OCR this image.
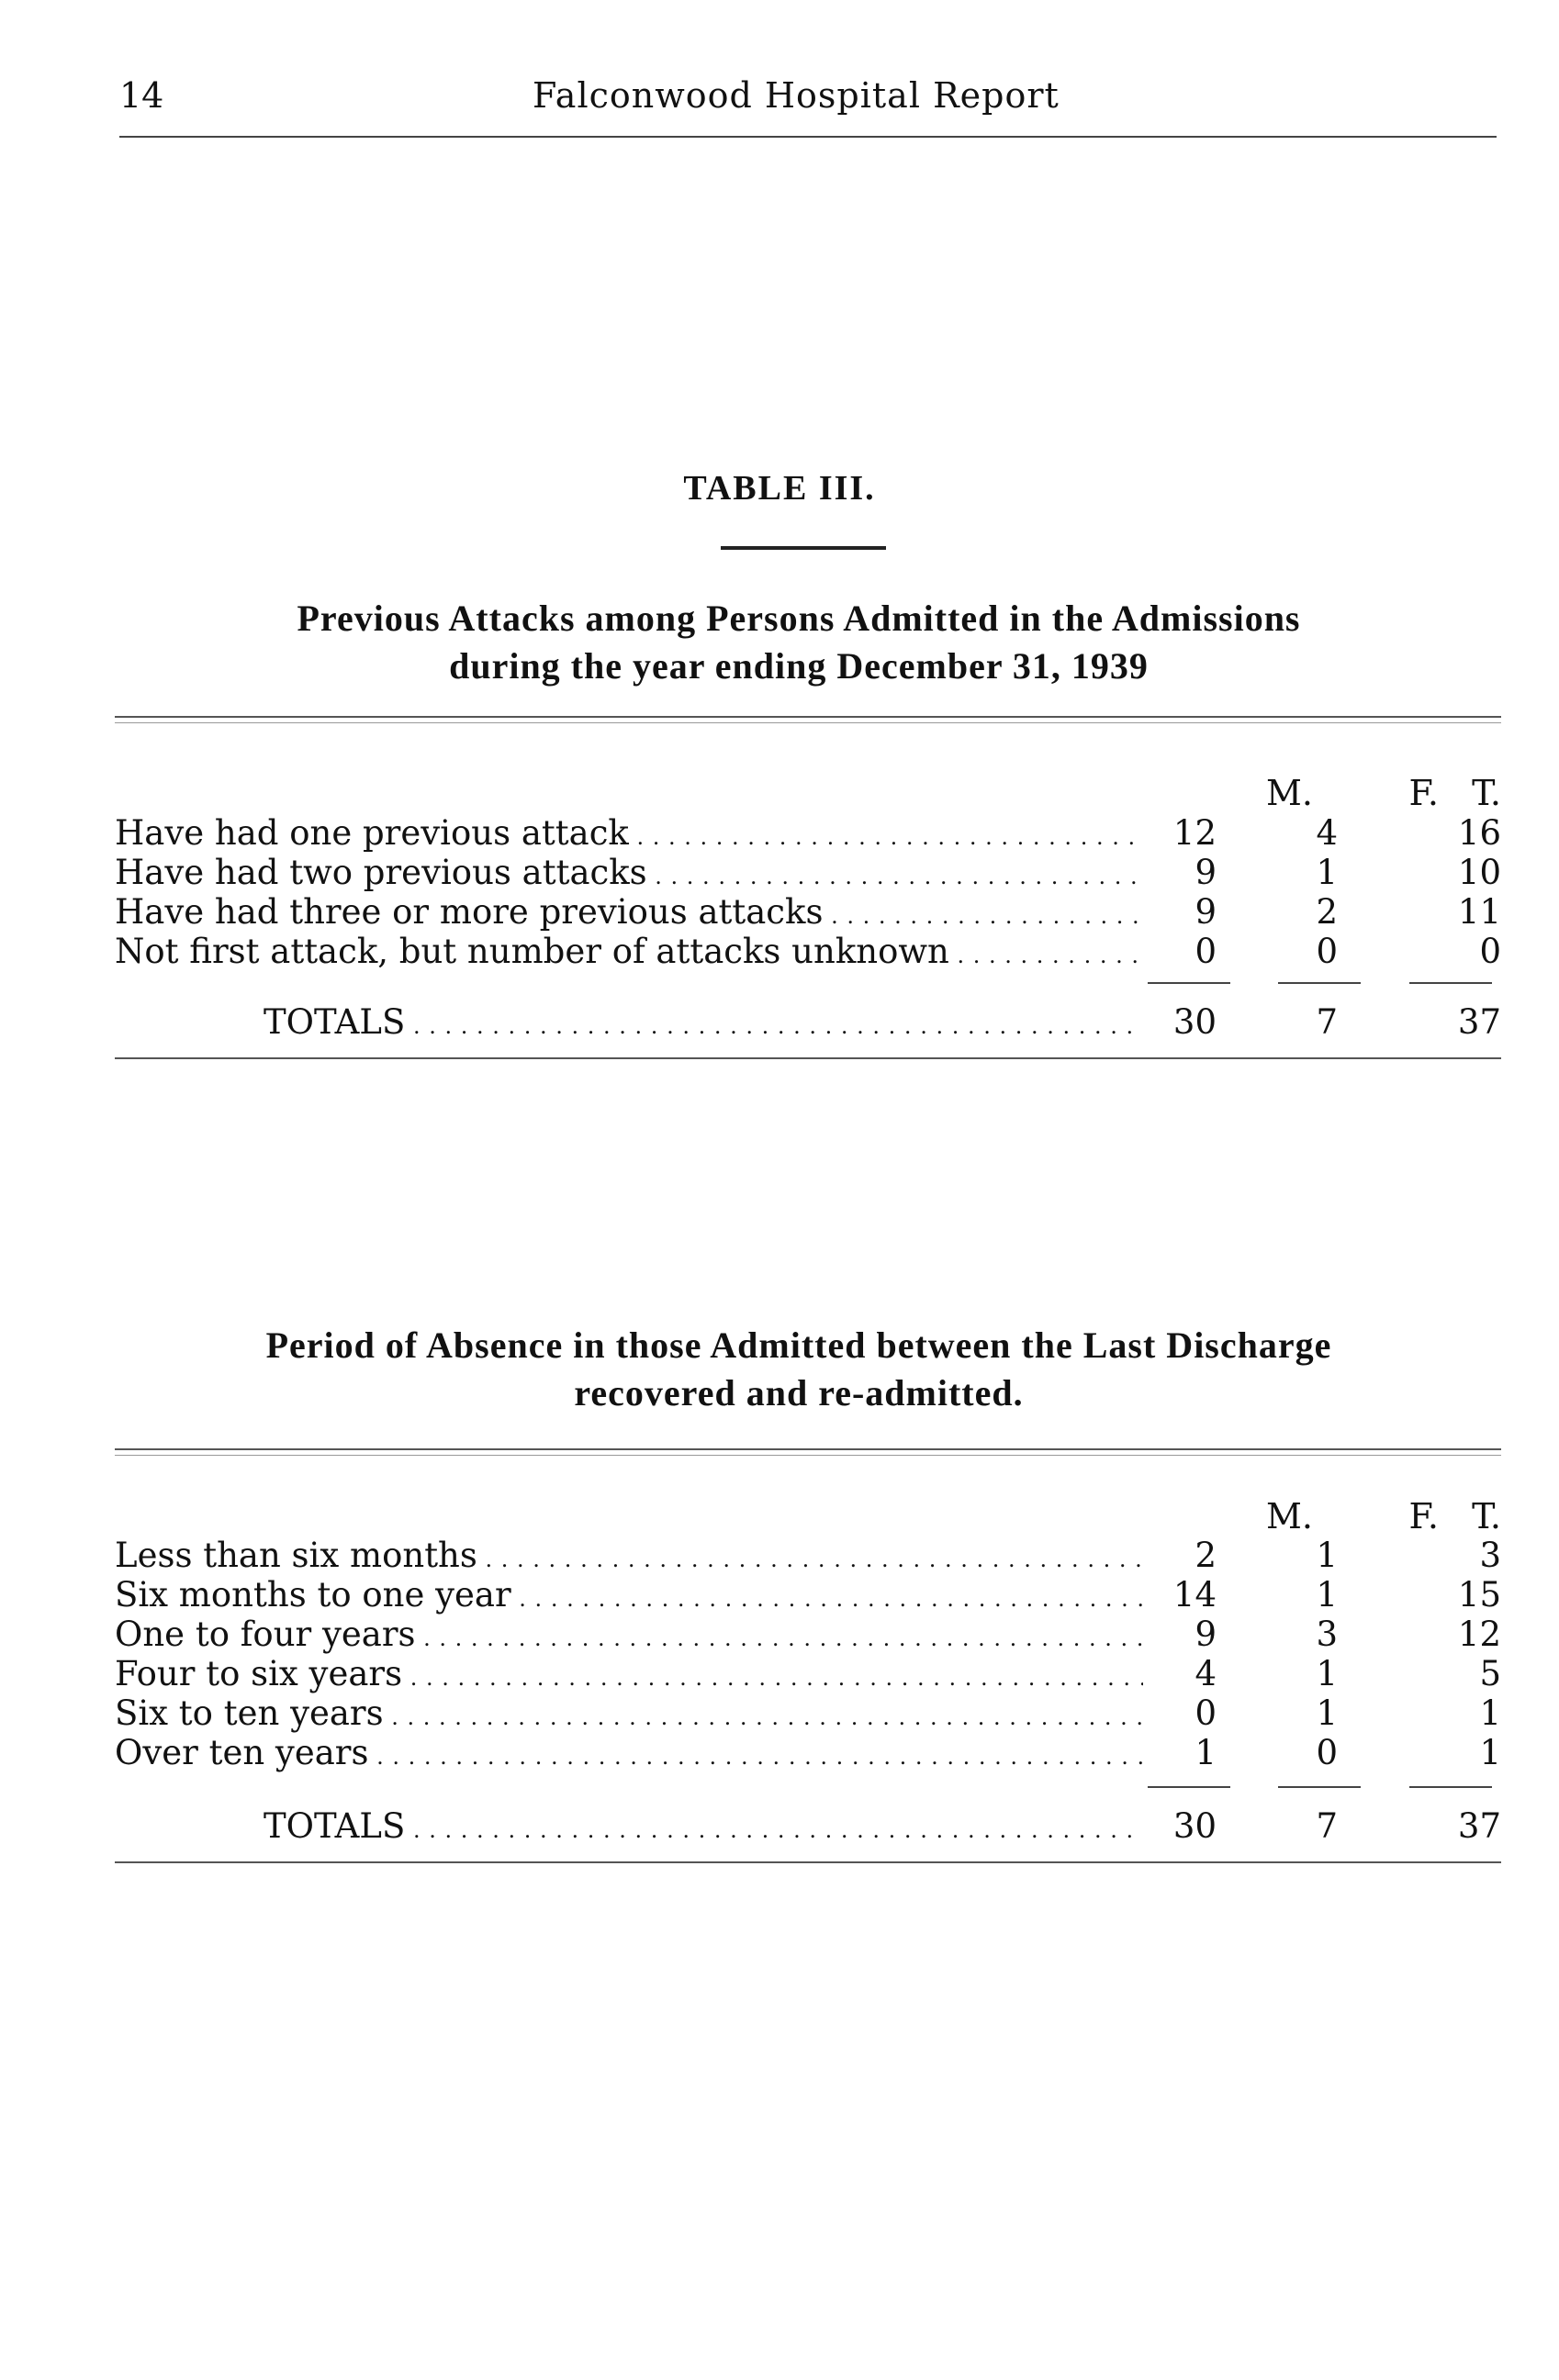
14	Falconwood Hospital Report
TABLE III.
Previous Attacks among Persons Admitted in the Admissions
during the year ending December 31, 1939
M.	F. T.
Have had one previous attack . . .	12	4	16
Have had two previous attacks . . .	9	1	10
Have had three or more previous attacks . . .	9	2	11
Not first attack, but number of attacks unknown . . .	0	0	0
TOTALS . . .	30	7	37
Period of Absence in those Admitted between the Last Discharge
recovered and re-admitted.
M.	F. T.
Less than six months . . .	2	1	3
Six months to one year . . .	14	1	15
One to four years . . .	9	3	12
Four to six years . . .	4	1	5
Six to ten years . . .	0	1	1
Over ten years . . .	1	0	1
TOTALS . . .	30	7	37
